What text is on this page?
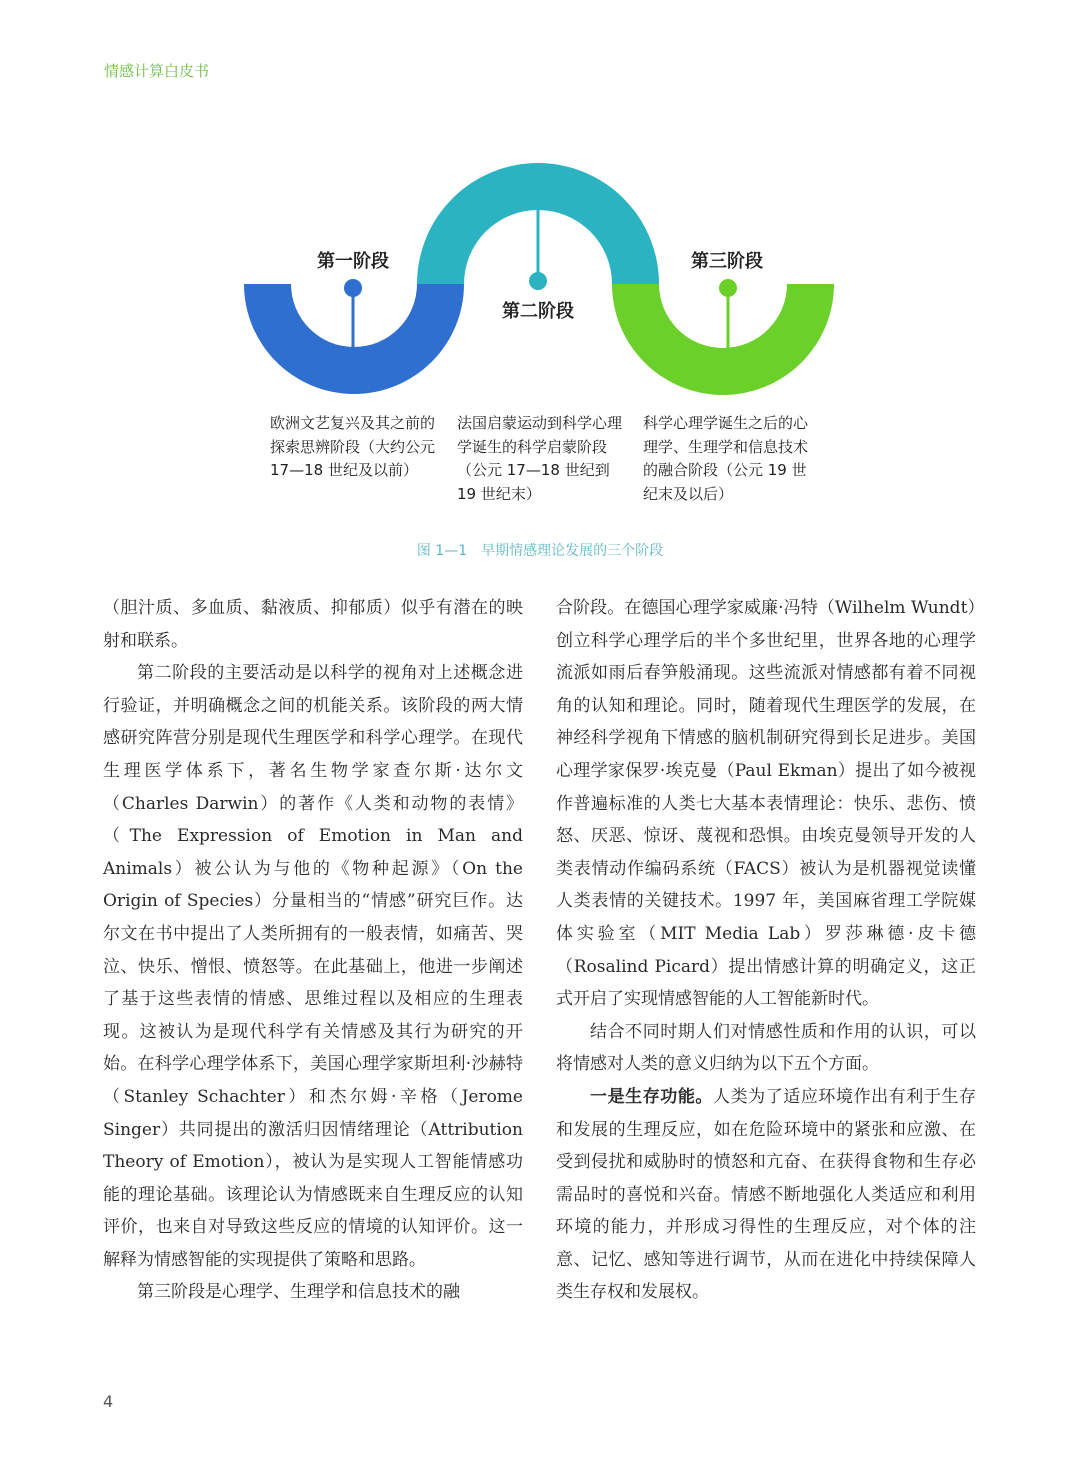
情感计算白皮书
第一阶段
第二阶段
第三阶段
欧洲文艺复兴及其之前的探索思辨阶段（大约公元 17—18 世纪及以前）
法国启蒙运动到科学心理学诞生的科学启蒙阶段（公元 17—18 世纪到 19 世纪末）
科学心理学诞生之后的心理学、生理学和信息技术的融合阶段（公元 19 世纪末及以后）
图 1—1　早期情感理论发展的三个阶段

（胆汁质、多血质、黏液质、抑郁质）似乎有潜在的映射和联系。

第二阶段的主要活动是以科学的视角对上述概念进行验证，并明确概念之间的机能关系。该阶段的两大情感研究阵营分别是现代生理医学和科学心理学。在现代生理医学体系下，著名生物学家查尔斯·达尔文（Charles Darwin）的著作《人类和动物的表情》（The Expression of Emotion in Man and Animals）被公认为与他的《物种起源》（On the Origin of Species）分量相当的“情感”研究巨作。达尔文在书中提出了人类所拥有的一般表情，如痛苦、哭泣、快乐、憎恨、愤怒等。在此基础上，他进一步阐述了基于这些表情的情感、思维过程以及相应的生理表现。这被认为是现代科学有关情感及其行为研究的开始。在科学心理学体系下，美国心理学家斯坦利·沙赫特（Stanley Schachter）和杰尔姆·辛格（Jerome Singer）共同提出的激活归因情绪理论（Attribution Theory of Emotion），被认为是实现人工智能情感功能的理论基础。该理论认为情感既来自生理反应的认知评价，也来自对导致这些反应的情境的认知评价。这一解释为情感智能的实现提供了策略和思路。

第三阶段是心理学、生理学和信息技术的融

合阶段。在德国心理学家威廉·冯特（Wilhelm Wundt）创立科学心理学后的半个多世纪里，世界各地的心理学流派如雨后春笋般涌现。这些流派对情感都有着不同视角的认知和理论。同时，随着现代生理医学的发展，在神经科学视角下情感的脑机制研究得到长足进步。美国心理学家保罗·埃克曼（Paul Ekman）提出了如今被视作普遍标准的人类七大基本表情理论：快乐、悲伤、愤怒、厌恶、惊讶、蔑视和恐惧。由埃克曼领导开发的人类表情动作编码系统（FACS）被认为是机器视觉读懂人类表情的关键技术。1997 年，美国麻省理工学院媒体实验室（MIT Media Lab）罗莎琳德·皮卡德（Rosalind Picard）提出情感计算的明确定义，这正式开启了实现情感智能的人工智能新时代。

结合不同时期人们对情感性质和作用的认识，可以将情感对人类的意义归纳为以下五个方面。

一是生存功能。人类为了适应环境作出有利于生存和发展的生理反应，如在危险环境中的紧张和应激、在受到侵扰和威胁时的愤怒和亢奋、在获得食物和生存必需品时的喜悦和兴奋。情感不断地强化人类适应和利用环境的能力，并形成习得性的生理反应，对个体的注意、记忆、感知等进行调节，从而在进化中持续保障人类生存权和发展权。

4
